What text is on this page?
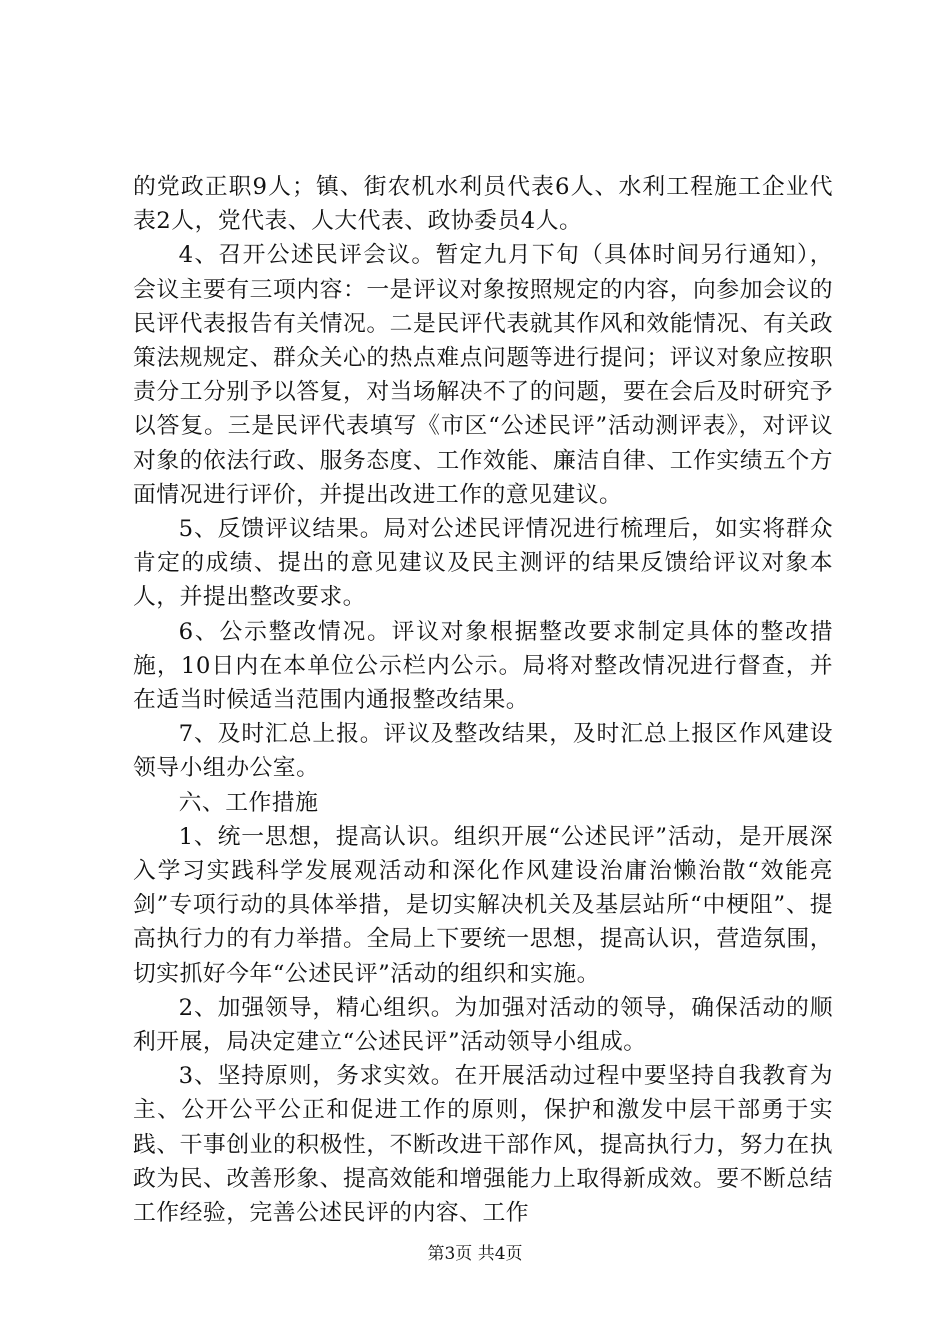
的党政正职9人；镇、街农机水利员代表6人、水利工程施工企业代表2人，党代表、人大代表、政协委员4人。

4、召开公述民评会议。暂定九月下旬（具体时间另行通知），会议主要有三项内容：一是评议对象按照规定的内容，向参加会议的民评代表报告有关情况。二是民评代表就其作风和效能情况、有关政策法规规定、群众关心的热点难点问题等进行提问；评议对象应按职责分工分别予以答复，对当场解决不了的问题，要在会后及时研究予以答复。三是民评代表填写《市区“公述民评”活动测评表》，对评议对象的依法行政、服务态度、工作效能、廉洁自律、工作实绩五个方面情况进行评价，并提出改进工作的意见建议。

5、反馈评议结果。局对公述民评情况进行梳理后，如实将群众肯定的成绩、提出的意见建议及民主测评的结果反馈给评议对象本人，并提出整改要求。

6、公示整改情况。评议对象根据整改要求制定具体的整改措施，10日内在本单位公示栏内公示。局将对整改情况进行督查，并在适当时候适当范围内通报整改结果。

7、及时汇总上报。评议及整改结果，及时汇总上报区作风建设领导小组办公室。

六、工作措施

1、统一思想，提高认识。组织开展“公述民评”活动，是开展深入学习实践科学发展观活动和深化作风建设治庸治懒治散“效能亮剑”专项行动的具体举措，是切实解决机关及基层站所“中梗阻”、提高执行力的有力举措。全局上下要统一思想，提高认识，营造氛围，切实抓好今年“公述民评”活动的组织和实施。

2、加强领导，精心组织。为加强对活动的领导，确保活动的顺利开展，局决定建立“公述民评”活动领导小组成。

3、坚持原则，务求实效。在开展活动过程中要坚持自我教育为主、公开公平公正和促进工作的原则，保护和激发中层干部勇于实践、干事创业的积极性，不断改进干部作风，提高执行力，努力在执政为民、改善形象、提高效能和增强能力上取得新成效。要不断总结工作经验，完善公述民评的内容、工作

第3页 共4页
